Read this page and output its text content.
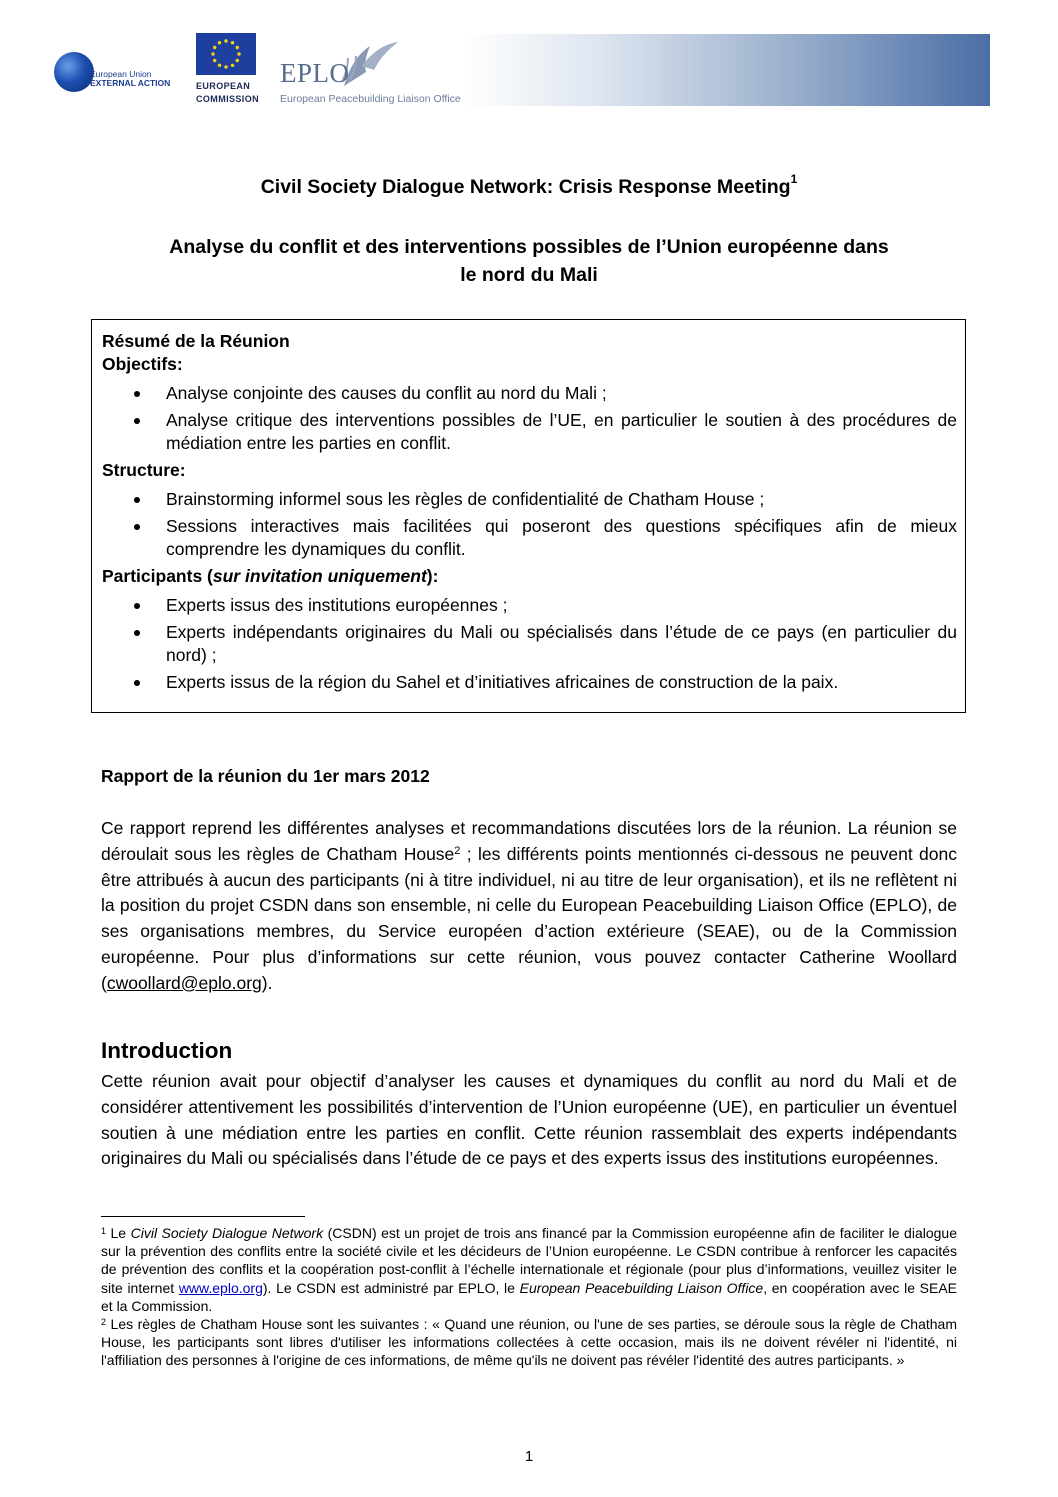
European Union
EXTERNAL ACTION	EUROPEAN
COMMISSION
EPLO
European Peacebuilding Liaison Office
Civil Society Dialogue Network: Crisis Response Meeting$^1$
Analyse du conflit et des interventions possibles de l’Union européenne dans
le nord du Mali
Résumé de la Réunion
Objectifs:
Analyse conjointe des causes du conflit au nord du Mali ;
Analyse critique des interventions possibles de l’UE, en particulier le soutien à des procédures de médiation entre les parties en conflit.
Structure:
Brainstorming informel sous les règles de confidentialité de Chatham House ;
Sessions interactives mais facilitées qui poseront des questions spécifiques afin de mieux comprendre les dynamiques du conflit.
Participants (sur invitation uniquement):
Experts issus des institutions européennes ;
Experts indépendants originaires du Mali ou spécialisés dans l’étude de ce pays (en particulier du nord) ;
Experts issus de la région du Sahel et d’initiatives africaines de construction de la paix.
Rapport de la réunion du 1er mars 2012
Ce rapport reprend les différentes analyses et recommandations discutées lors de la réunion. La réunion se déroulait sous les règles de Chatham House$^2$ ; les différents points mentionnés ci-dessous ne peuvent donc être attribués à aucun des participants (ni à titre individuel, ni au titre de leur organisation), et ils ne reflètent ni la position du projet CSDN dans son ensemble, ni celle du European Peacebuilding Liaison Office (EPLO), de ses organisations membres, du Service européen d’action extérieure (SEAE), ou de la Commission européenne. Pour plus d’informations sur cette réunion, vous pouvez contacter Catherine Woollard (cwoollard@eplo.org).
Introduction
Cette réunion avait pour objectif d’analyser les causes et dynamiques du conflit au nord du Mali et de considérer attentivement les possibilités d’intervention de l’Union européenne (UE), en particulier un éventuel soutien à une médiation entre les parties en conflit. Cette réunion rassemblait des experts indépendants originaires du Mali ou spécialisés dans l’étude de ce pays et des experts issus des institutions européennes.
$^1$ Le Civil Society Dialogue Network (CSDN) est un projet de trois ans financé par la Commission européenne afin de faciliter le dialogue sur la prévention des conflits entre la société civile et les décideurs de l’Union européenne. Le CSDN contribue à renforcer les capacités de prévention des conflits et la coopération post-conflit à l’échelle internationale et régionale (pour plus d’informations, veuillez visiter le site internet www.eplo.org). Le CSDN est administré par EPLO, le European Peacebuilding Liaison Office, en coopération avec le SEAE et la Commission.
$^2$ Les règles de Chatham House sont les suivantes : « Quand une réunion, ou l'une de ses parties, se déroule sous la règle de Chatham House, les participants sont libres d'utiliser les informations collectées à cette occasion, mais ils ne doivent révéler ni l'identité, ni l'affiliation des personnes à l'origine de ces informations, de même qu'ils ne doivent pas révéler l'identité des autres participants. »
1
